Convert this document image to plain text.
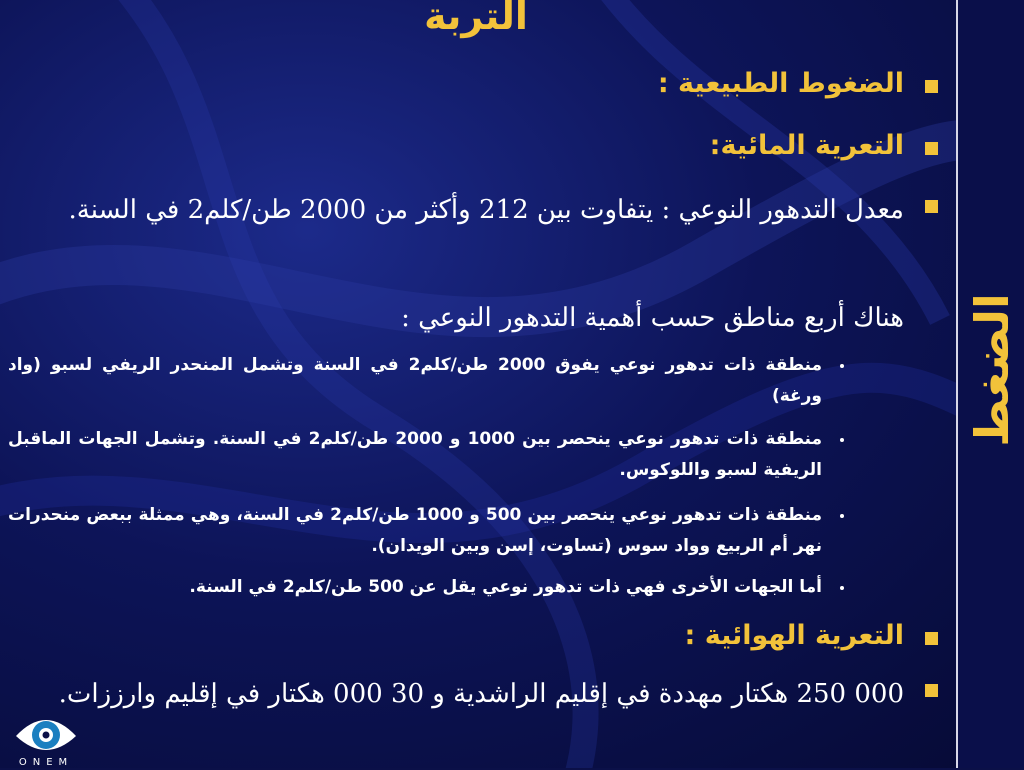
الضغط
التربة
الضغوط الطبيعية :
التعرية المائية:
معدل التدهور النوعي : يتفاوت بين 212 وأكثر من 2000 طن/كلم2 في السنة.
هناك أربع مناطق حسب أهمية التدهور النوعي :
منطقة ذات تدهور نوعي يفوق 2000 طن/كلم2 في السنة وتشمل المنحدر الريفي لسبو (واد ورغة)
منطقة ذات تدهور نوعي ينحصر بين 1000 و 2000 طن/كلم2 في السنة. وتشمل الجهات الماقبل الريفية لسبو واللوكوس.
منطقة ذات تدهور نوعي ينحصر بين 500 و 1000 طن/كلم2 في السنة، وهي ممثلة ببعض منحدرات نهر أم الربيع وواد سوس (تساوت، إسن وبين الويدان).
أما الجهات الأخرى فهي ذات تدهور نوعي يقل عن 500 طن/كلم2 في السنة.
التعرية الهوائية :
000 250 هكتار مهددة في إقليم الراشدية و 30 000 هكتار في إقليم وارززات.
ONEM
